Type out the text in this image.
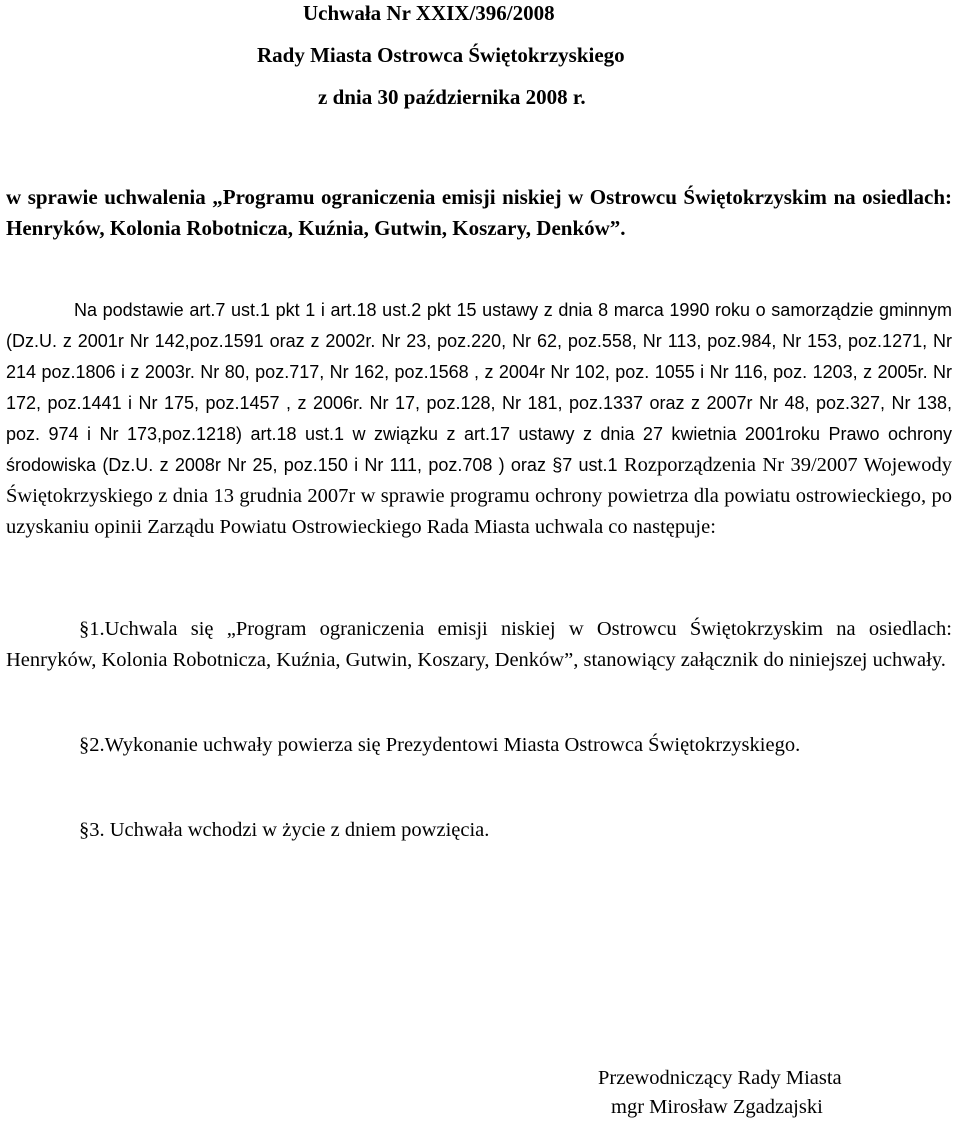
Uchwała Nr XXIX/396/2008
Rady Miasta Ostrowca Świętokrzyskiego
z dnia 30 października 2008 r.
w sprawie uchwalenia „Programu ograniczenia emisji niskiej w Ostrowcu Świętokrzyskim na osiedlach: Henryków, Kolonia Robotnicza, Kuźnia, Gutwin, Koszary, Denków”.
Na podstawie art.7 ust.1 pkt 1 i art.18 ust.2 pkt 15 ustawy z dnia 8 marca 1990 roku o samorządzie gminnym (Dz.U. z 2001r Nr 142,poz.1591 oraz z 2002r. Nr 23, poz.220, Nr 62, poz.558, Nr 113, poz.984, Nr 153, poz.1271, Nr 214 poz.1806 i z 2003r. Nr 80, poz.717, Nr 162, poz.1568 , z 2004r Nr 102, poz. 1055 i Nr 116, poz. 1203, z 2005r. Nr 172, poz.1441 i Nr 175, poz.1457 , z 2006r. Nr 17, poz.128, Nr 181, poz.1337 oraz z 2007r Nr 48, poz.327, Nr 138, poz. 974 i Nr 173,poz.1218) art.18 ust.1 w związku z art.17 ustawy z dnia 27 kwietnia 2001roku Prawo ochrony środowiska (Dz.U. z 2008r Nr 25, poz.150 i Nr 111, poz.708 ) oraz §7 ust.1 Rozporządzenia Nr 39/2007 Wojewody Świętokrzyskiego z dnia 13 grudnia 2007r w sprawie programu ochrony powietrza dla powiatu ostrowieckiego, po uzyskaniu opinii Zarządu Powiatu Ostrowieckiego Rada Miasta uchwala co następuje:
§1.Uchwala się „Program ograniczenia emisji niskiej w Ostrowcu Świętokrzyskim na osiedlach: Henryków, Kolonia Robotnicza, Kuźnia, Gutwin, Koszary, Denków”, stanowiący załącznik do niniejszej uchwały.
§2.Wykonanie uchwały powierza się Prezydentowi Miasta Ostrowca Świętokrzyskiego.
§3. Uchwała wchodzi w życie z dniem powzięcia.
Przewodniczący Rady Miasta
mgr Mirosław Zgadzajski
